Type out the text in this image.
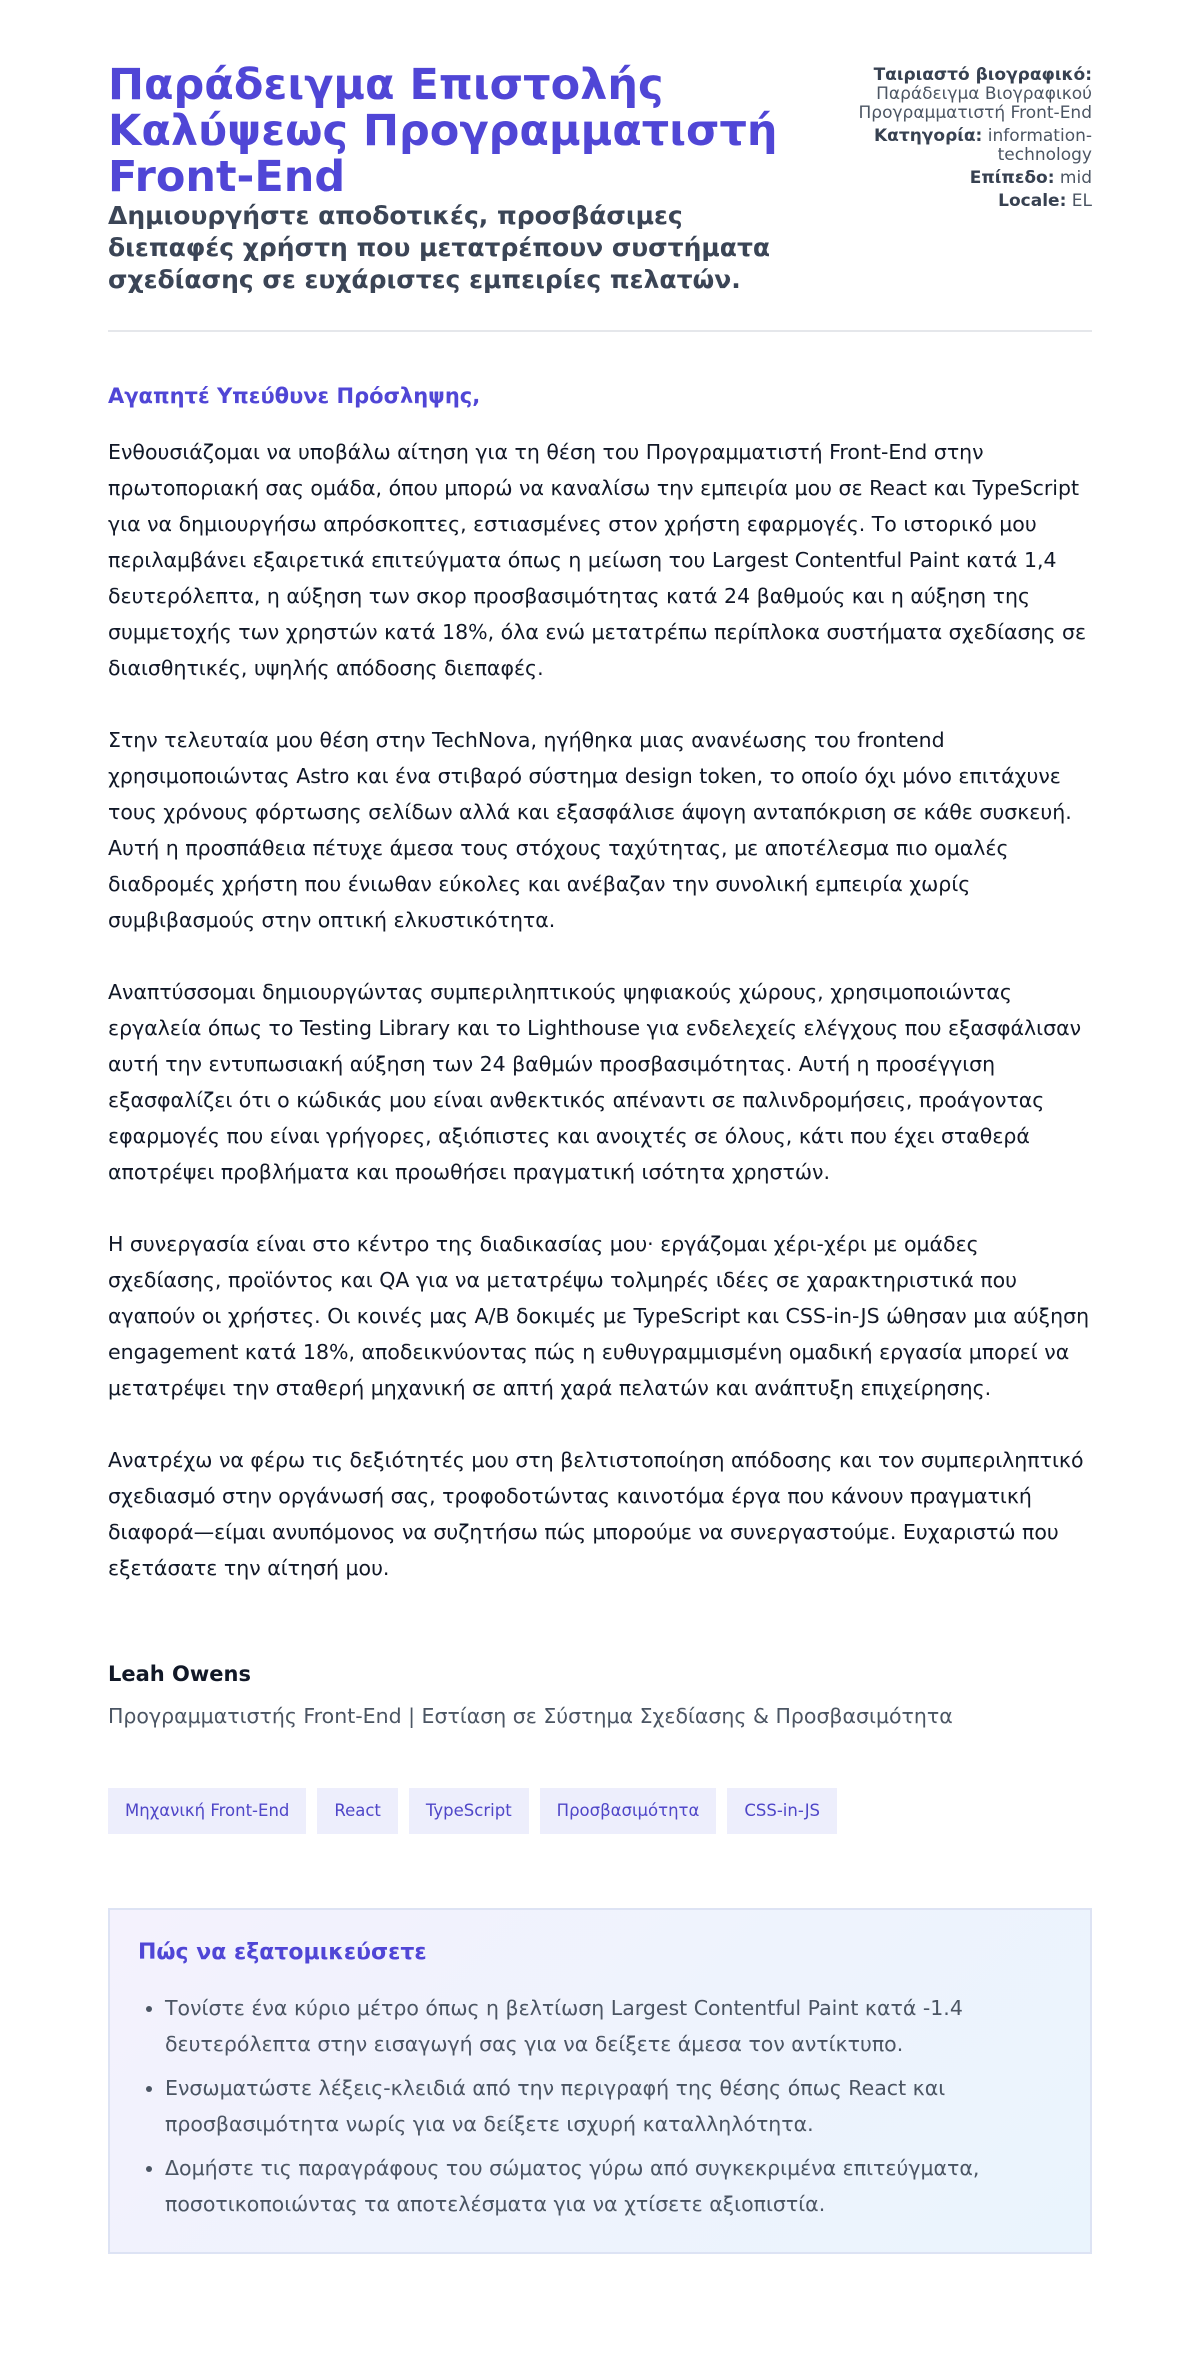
Παράδειγμα Επιστολής Καλύψεως Προγραμματιστή Front-End

Δημιουργήστε αποδοτικές, προσβάσιμες διεπαφές χρήστη που μετατρέπουν συστήματα σχεδίασης σε ευχάριστες εμπειρίες πελατών.

Ταιριαστό βιογραφικό: Παράδειγμα Βιογραφικού Προγραμματιστή Front-End
Κατηγορία: information-technology
Επίπεδο: mid
Locale: EL

Αγαπητέ Υπεύθυνε Πρόσληψης,

Ενθουσιάζομαι να υποβάλω αίτηση για τη θέση του Προγραμματιστή Front-End στην πρωτοποριακή σας ομάδα, όπου μπορώ να καναλίσω την εμπειρία μου σε React και TypeScript για να δημιουργήσω απρόσκοπτες, εστιασμένες στον χρήστη εφαρμογές. Το ιστορικό μου περιλαμβάνει εξαιρετικά επιτεύγματα όπως η μείωση του Largest Contentful Paint κατά 1,4 δευτερόλεπτα, η αύξηση των σκορ προσβασιμότητας κατά 24 βαθμούς και η αύξηση της συμμετοχής των χρηστών κατά 18%, όλα ενώ μετατρέπω περίπλοκα συστήματα σχεδίασης σε διαισθητικές, υψηλής απόδοσης διεπαφές.

Στην τελευταία μου θέση στην TechNova, ηγήθηκα μιας ανανέωσης του frontend χρησιμοποιώντας Astro και ένα στιβαρό σύστημα design token, το οποίο όχι μόνο επιτάχυνε τους χρόνους φόρτωσης σελίδων αλλά και εξασφάλισε άψογη ανταπόκριση σε κάθε συσκευή. Αυτή η προσπάθεια πέτυχε άμεσα τους στόχους ταχύτητας, με αποτέλεσμα πιο ομαλές διαδρομές χρήστη που ένιωθαν εύκολες και ανέβαζαν την συνολική εμπειρία χωρίς συμβιβασμούς στην οπτική ελκυστικότητα.

Αναπτύσσομαι δημιουργώντας συμπεριληπτικούς ψηφιακούς χώρους, χρησιμοποιώντας εργαλεία όπως το Testing Library και το Lighthouse για ενδελεχείς ελέγχους που εξασφάλισαν αυτή την εντυπωσιακή αύξηση των 24 βαθμών προσβασιμότητας. Αυτή η προσέγγιση εξασφαλίζει ότι ο κώδικάς μου είναι ανθεκτικός απέναντι σε παλινδρομήσεις, προάγοντας εφαρμογές που είναι γρήγορες, αξιόπιστες και ανοιχτές σε όλους, κάτι που έχει σταθερά αποτρέψει προβλήματα και προωθήσει πραγματική ισότητα χρηστών.

Η συνεργασία είναι στο κέντρο της διαδικασίας μου· εργάζομαι χέρι-χέρι με ομάδες σχεδίασης, προϊόντος και QA για να μετατρέψω τολμηρές ιδέες σε χαρακτηριστικά που αγαπούν οι χρήστες. Οι κοινές μας A/B δοκιμές με TypeScript και CSS-in-JS ώθησαν μια αύξηση engagement κατά 18%, αποδεικνύοντας πώς η ευθυγραμμισμένη ομαδική εργασία μπορεί να μετατρέψει την σταθερή μηχανική σε απτή χαρά πελατών και ανάπτυξη επιχείρησης.

Ανατρέχω να φέρω τις δεξιότητές μου στη βελτιστοποίηση απόδοσης και τον συμπεριληπτικό σχεδιασμό στην οργάνωσή σας, τροφοδοτώντας καινοτόμα έργα που κάνουν πραγματική διαφορά—είμαι ανυπόμονος να συζητήσω πώς μπορούμε να συνεργαστούμε. Ευχαριστώ που εξετάσατε την αίτησή μου.

Leah Owens
Προγραμματιστής Front-End | Εστίαση σε Σύστημα Σχεδίασης & Προσβασιμότητα
Μηχανική Front-End	React	TypeScript	Προσβασιμότητα	CSS-in-JS
Πώς να εξατομικεύσετε
• Τονίστε ένα κύριο μέτρο όπως η βελτίωση Largest Contentful Paint κατά -1.4 δευτερόλεπτα στην εισαγωγή σας για να δείξετε άμεσα τον αντίκτυπο.
• Ενσωματώστε λέξεις-κλειδιά από την περιγραφή της θέσης όπως React και προσβασιμότητα νωρίς για να δείξετε ισχυρή καταλληλότητα.
• Δομήστε τις παραγράφους του σώματος γύρω από συγκεκριμένα επιτεύγματα, ποσοτικοποιώντας τα αποτελέσματα για να χτίσετε αξιοπιστία.
